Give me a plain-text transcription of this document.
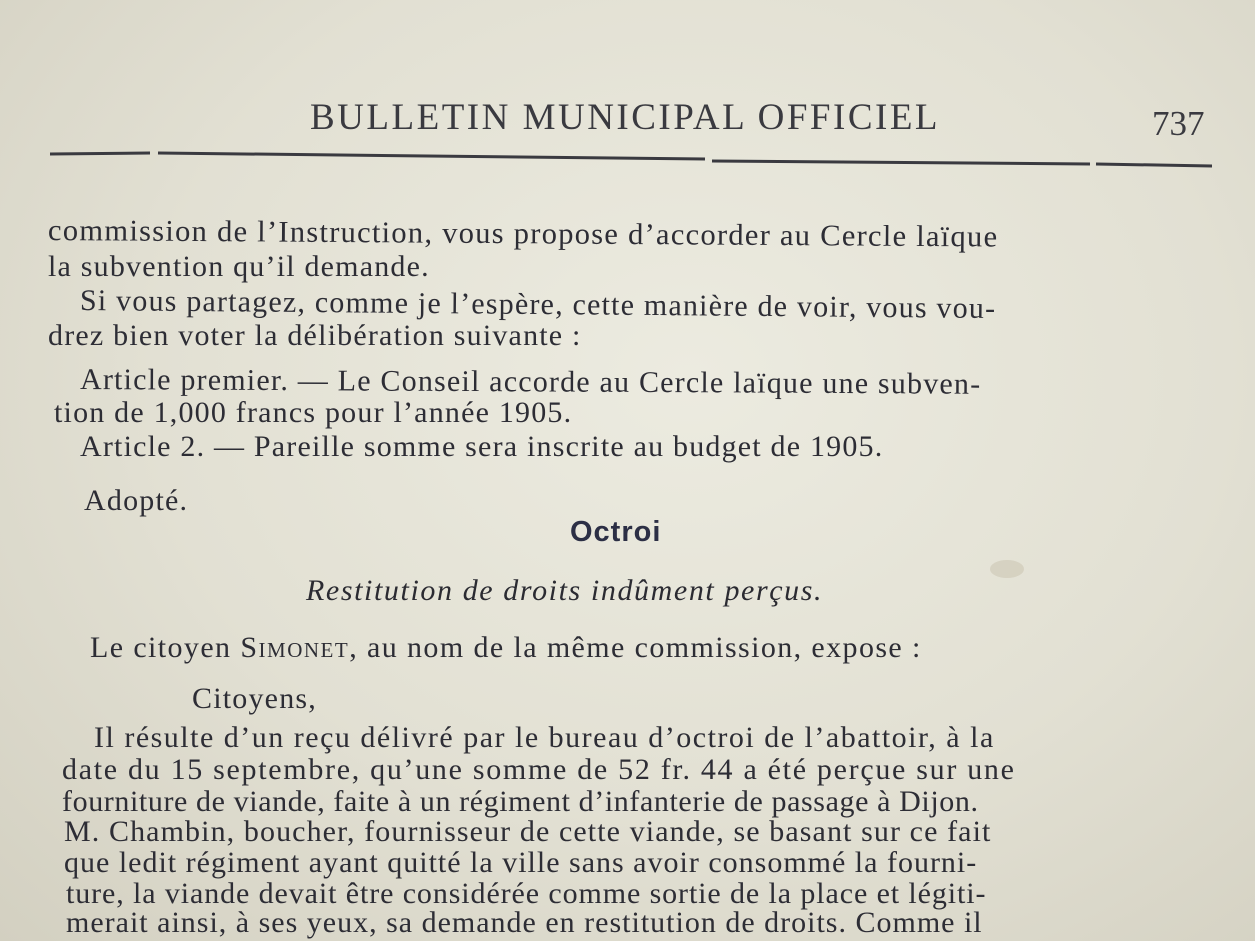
BULLETIN MUNICIPAL OFFICIEL	737
commission de l’Instruction, vous propose d’accorder au Cercle laïque
la subvention qu’il demande.
Si vous partagez, comme je l’espère, cette manière de voir, vous vou-
drez bien voter la délibération suivante :
Article premier. — Le Conseil accorde au Cercle laïque une subven-
tion de 1,000 francs pour l’année 1905.
Article 2. — Pareille somme sera inscrite au budget de 1905.
Adopté.
Octroi
Restitution de droits indûment perçus.
Le citoyen Simonet, au nom de la même commission, expose :
Citoyens,
Il résulte d’un reçu délivré par le bureau d’octroi de l’abattoir, à la
date du 15 septembre, qu’une somme de 52 fr. 44 a été perçue sur une
fourniture de viande, faite à un régiment d’infanterie de passage à Dijon.
M. Chambin, boucher, fournisseur de cette viande, se basant sur ce fait
que ledit régiment ayant quitté la ville sans avoir consommé la fourni-
ture, la viande devait être considérée comme sortie de la place et légiti-
merait ainsi, à ses yeux, sa demande en restitution de droits. Comme il
